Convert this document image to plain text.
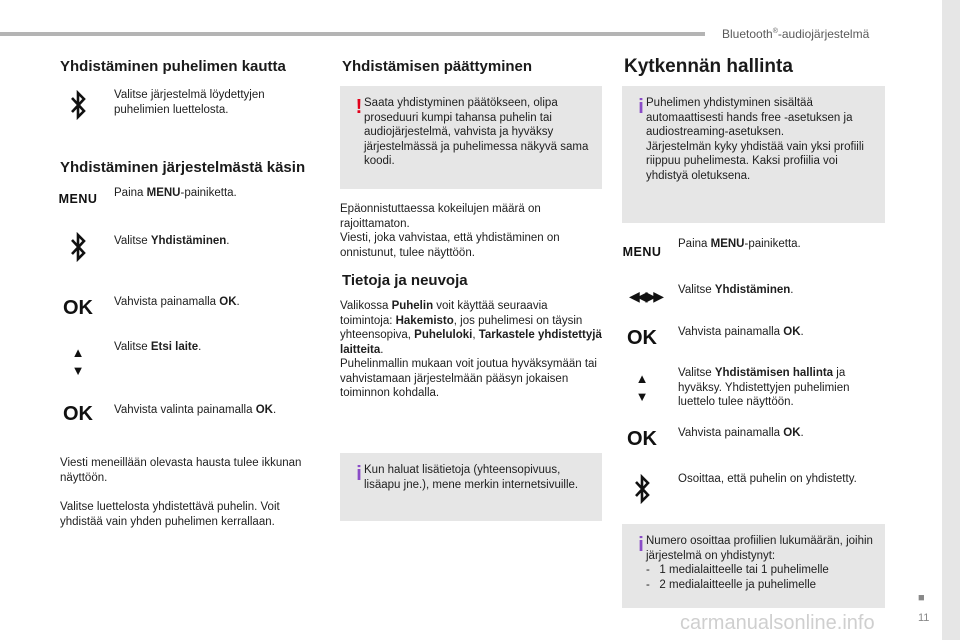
Bluetooth®-audiojärjestelmä
Yhdistäminen puhelimen kautta
Valitse järjestelmä löydettyjen puhelimien luettelosta.
Yhdistäminen järjestelmästä käsin
MENU Paina MENU-painiketta.
Valitse Yhdistäminen.
OK	Vahvista painamalla OK.
▲
▼
Valitse Etsi laite.
OK	Vahvista valinta painamalla OK.
Viesti meneillään olevasta hausta tulee ikkunan näyttöön.
Valitse luettelosta yhdistettävä puhelin. Voit yhdistää vain yhden puhelimen kerrallaan.
Yhdistämisen päättyminen
! Saata yhdistyminen päätökseen, olipa proseduuri kumpi tahansa puhelin tai audiojärjestelmä, vahvista ja hyväksy järjestelmässä ja puhelimessa näkyvä sama koodi.
Epäonnistuttaessa kokeilujen määrä on rajoittamaton.
Viesti, joka vahvistaa, että yhdistäminen on onnistunut, tulee näyttöön.
Tietoja ja neuvoja
Valikossa Puhelin voit käyttää seuraavia toimintoja: Hakemisto, jos puhelimesi on täysin yhteensopiva, Puheluloki, Tarkastele yhdistettyjä laitteita.
Puhelinmallin mukaan voit joutua hyväksymään tai vahvistamaan järjestelmään pääsyn jokaisen toiminnon kohdalla.
i Kun haluat lisätietoja (yhteensopivuus, lisäapu jne.), mene merkin internetsivuille.
Kytkennän hallinta
i Puhelimen yhdistyminen sisältää automaattisesti hands free -asetuksen ja audiostreaming-asetuksen.
Järjestelmän kyky yhdistää vain yksi profiili riippuu puhelimesta. Kaksi profiilia voi yhdistyä oletuksena.
MENU
Paina MENU-painiketta.
◀◀ ▶▶	Valitse Yhdistäminen.
OK	Vahvista painamalla OK.
▲
▼
Valitse Yhdistämisen hallinta ja hyväksy. Yhdistettyjen puhelimien luettelo tulee näyttöön.
OK	Vahvista painamalla OK.
Osoittaa, että puhelin on yhdistetty.
i Numero osoittaa profiilien lukumäärän, joihin järjestelmä on yhdistynyt:
-   1 medialaitteelle tai 1 puhelimelle
-   2 medialaitteelle ja puhelimelle
■
11
carmanualsonline.info
